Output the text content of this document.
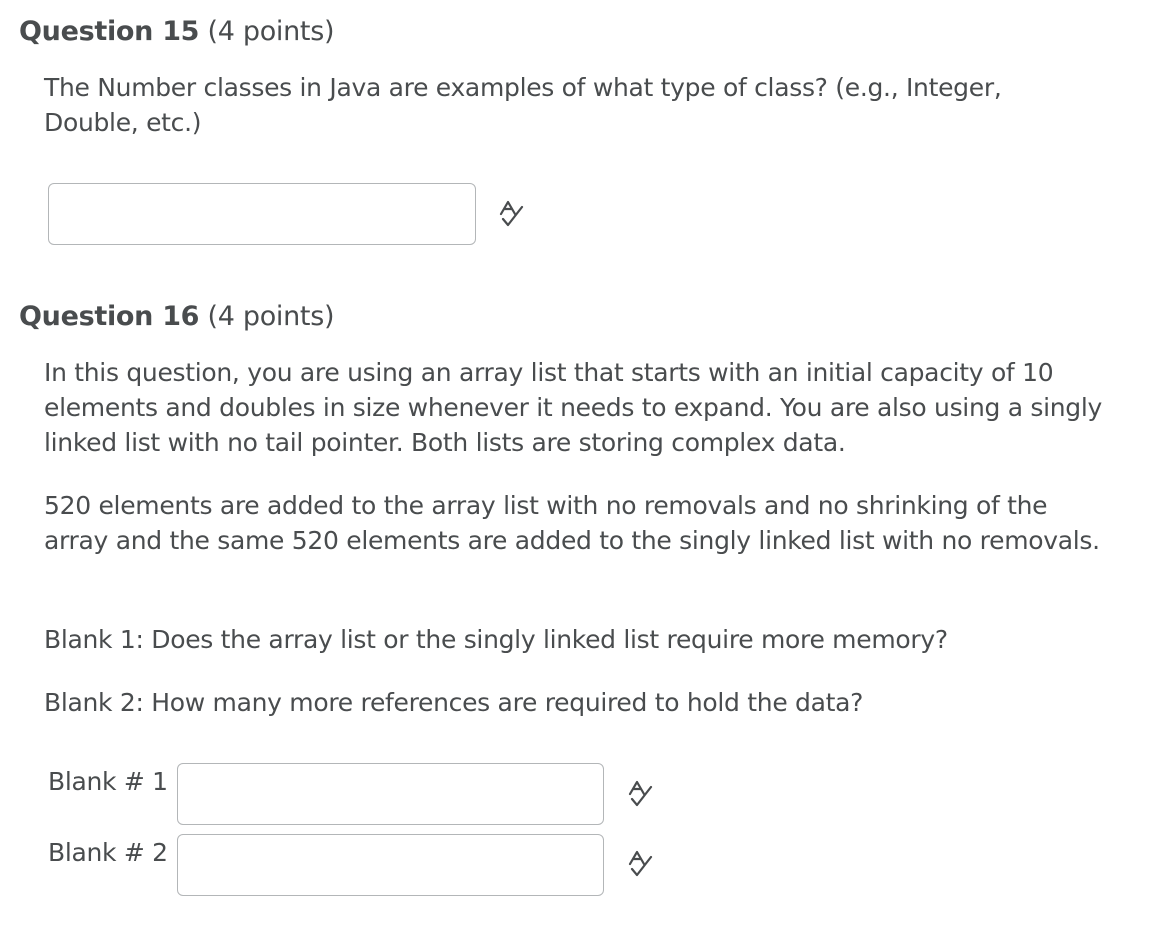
Question 15 (4 points)

The Number classes in Java are examples of what type of class? (e.g., Integer, Double, etc.)

Question 16 (4 points)

In this question, you are using an array list that starts with an initial capacity of 10 elements and doubles in size whenever it needs to expand. You are also using a singly linked list with no tail pointer. Both lists are storing complex data.

520 elements are added to the array list with no removals and no shrinking of the array and the same 520 elements are added to the singly linked list with no removals.

Blank 1: Does the array list or the singly linked list require more memory?

Blank 2: How many more references are required to hold the data?

Blank # 1
Blank # 2
